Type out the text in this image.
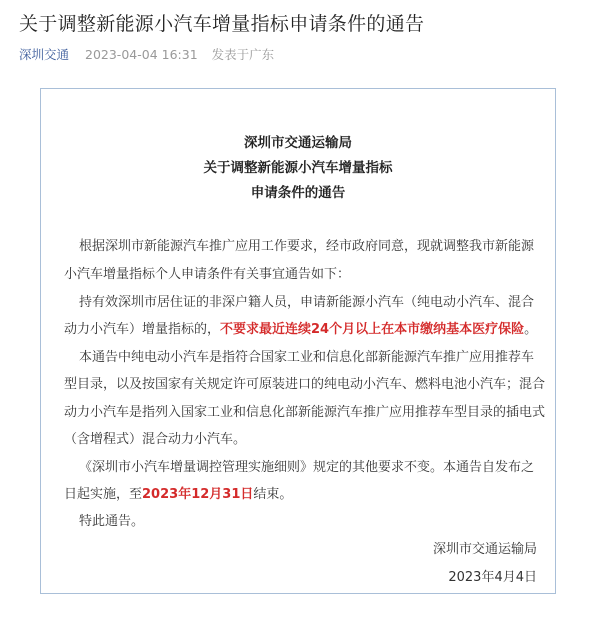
关于调整新能源小汽车增量指标申请条件的通告
深圳交通 2023-04-04 16:31 发表于广东
深圳市交通运输局
关于调整新能源小汽车增量指标
申请条件的通告
根据深圳市新能源汽车推广应用工作要求，经市政府同意，现就调整我市新能源
小汽车增量指标个人申请条件有关事宜通告如下：
持有效深圳市居住证的非深户籍人员，申请新能源小汽车（纯电动小汽车、混合
动力小汽车）增量指标的，不要求最近连续24个月以上在本市缴纳基本医疗保险。
本通告中纯电动小汽车是指符合国家工业和信息化部新能源汽车推广应用推荐车
型目录，以及按国家有关规定许可原装进口的纯电动小汽车、燃料电池小汽车；混合
动力小汽车是指列入国家工业和信息化部新能源汽车推广应用推荐车型目录的插电式
（含增程式）混合动力小汽车。
《深圳市小汽车增量调控管理实施细则》规定的其他要求不变。本通告自发布之
日起实施，至2023年12月31日结束。
特此通告。
深圳市交通运输局
2023年4月4日
